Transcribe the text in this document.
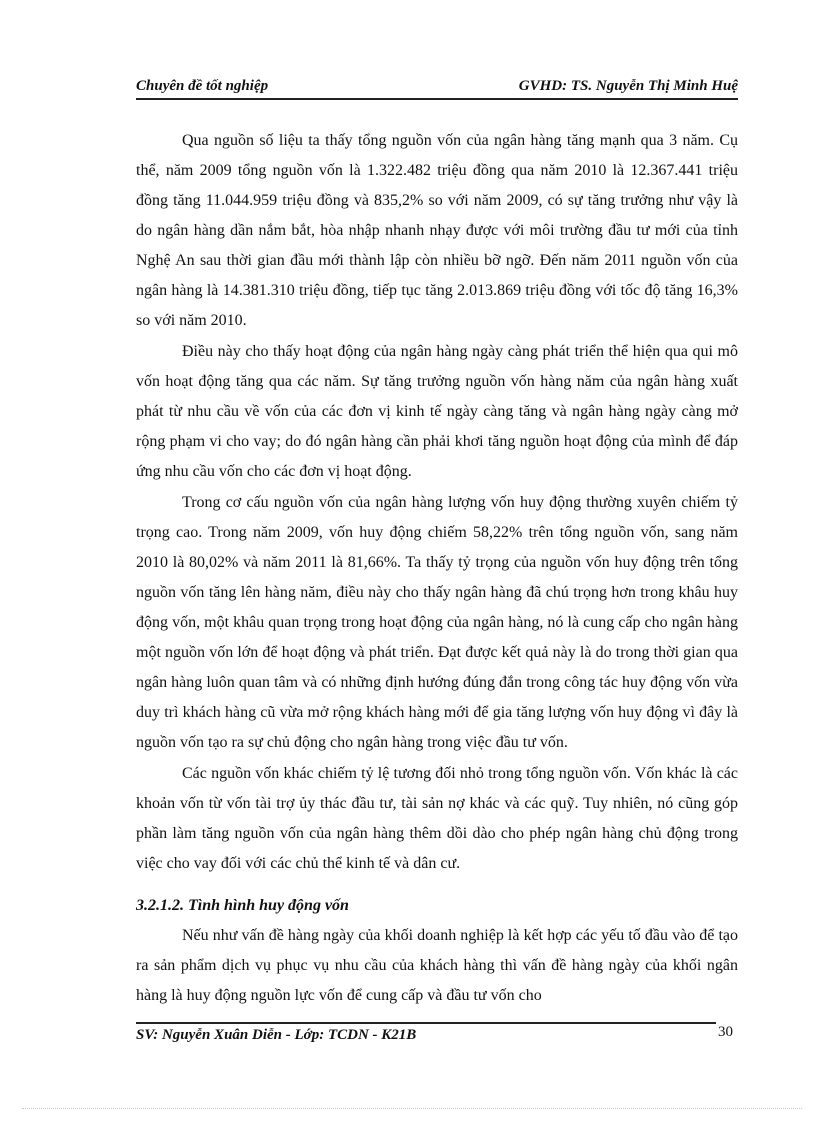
Chuyên đề tốt nghiệp	GVHD: TS. Nguyễn Thị Minh Huệ

Qua nguồn số liệu ta thấy tổng nguồn vốn của ngân hàng tăng mạnh qua 3 năm. Cụ thể, năm 2009 tổng nguồn vốn là 1.322.482 triệu đồng qua năm 2010 là 12.367.441 triệu đồng tăng 11.044.959 triệu đồng và 835,2% so với năm 2009, có sự tăng trưởng như vậy là do ngân hàng dần nắm bắt, hòa nhập nhanh nhạy được với môi trường đầu tư mới của tỉnh Nghệ An sau thời gian đầu mới thành lập còn nhiều bỡ ngỡ. Đến năm 2011 nguồn vốn của ngân hàng là 14.381.310 triệu đồng, tiếp tục tăng 2.013.869 triệu đồng với tốc độ tăng 16,3% so với năm 2010.

Điều này cho thấy hoạt động của ngân hàng ngày càng phát triển thể hiện qua qui mô vốn hoạt động tăng qua các năm. Sự tăng trưởng nguồn vốn hàng năm của ngân hàng xuất phát từ nhu cầu về vốn của các đơn vị kinh tế ngày càng tăng và ngân hàng ngày càng mở rộng phạm vi cho vay; do đó ngân hàng cần phải khơi tăng nguồn hoạt động của mình để đáp ứng nhu cầu vốn cho các đơn vị hoạt động.

Trong cơ cấu nguồn vốn của ngân hàng lượng vốn huy động thường xuyên chiếm tỷ trọng cao. Trong năm 2009, vốn huy động chiếm 58,22% trên tổng nguồn vốn, sang năm 2010 là 80,02% và năm 2011 là 81,66%. Ta thấy tỷ trọng của nguồn vốn huy động trên tổng nguồn vốn tăng lên hàng năm, điều này cho thấy ngân hàng đã chú trọng hơn trong khâu huy động vốn, một khâu quan trọng trong hoạt động của ngân hàng, nó là cung cấp cho ngân hàng một nguồn vốn lớn để hoạt động và phát triển. Đạt được kết quả này là do trong thời gian qua ngân hàng luôn quan tâm và có những định hướng đúng đắn trong công tác huy động vốn vừa duy trì khách hàng cũ vừa mở rộng khách hàng mới để gia tăng lượng vốn huy động vì đây là nguồn vốn tạo ra sự chủ động cho ngân hàng trong việc đầu tư vốn.

Các nguồn vốn khác chiếm tỷ lệ tương đối nhỏ trong tổng nguồn vốn. Vốn khác là các khoản vốn từ vốn tài trợ ủy thác đầu tư, tài sản nợ khác và các quỹ. Tuy nhiên, nó cũng góp phần làm tăng nguồn vốn của ngân hàng thêm dồi dào cho phép ngân hàng chủ động trong việc cho vay đối với các chủ thể kinh tế và dân cư.

3.2.1.2. Tình hình huy động vốn

Nếu như vấn đề hàng ngày của khối doanh nghiệp là kết hợp các yếu tố đầu vào để tạo ra sản phẩm dịch vụ phục vụ nhu cầu của khách hàng thì vấn đề hàng ngày của khối ngân hàng là huy động nguồn lực vốn để cung cấp và đầu tư vốn cho

SV: Nguyễn Xuân Diễn - Lớp: TCDN - K21B	30
